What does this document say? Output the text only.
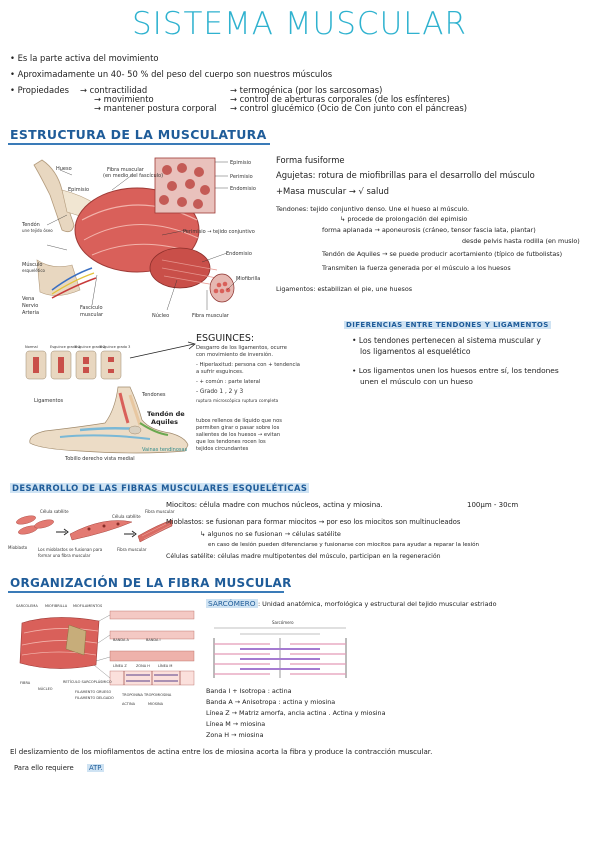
SISTEMA MUSCULAR
• Es la parte activa del movimiento
• Aproximadamente un 40- 50 % del peso del cuerpo son nuestros músculos
• Propiedades → contractilidad
→ movimiento
→ mantener postura corporal
→ termogénica (por los sarcosomas)
→ control de aberturas corporales (de los esfínteres)
→ control glucémico (Ocio de Con junto con el páncreas)
ESTRUCTURA DE LA MUSCULATURA
Hueso	Fibra muscular
(en medio del fascículo)
Epimisio
Epimisio
Perimisio
Endomisio
Tendón
une tejido óseo
Músculo
esquelético
Perimisio → tejido conjuntivo
Endomisio
Miofibrilla
Vena
Nervio
Arteria
Fascículo
muscular	Núcleo	Fibra muscular
Forma fusiforme
Agujetas: rotura de miofibrillas para el desarrollo del músculo
+Masa muscular → √ salud
Tendones: tejido conjuntivo denso. Une el hueso al músculo.
↳ procede de prolongación del epimisio
forma aplanada → aponeurosis (cráneo, tensor fascia lata, plantar)
desde pelvis hasta rodilla (en muslo)
Tendón de Aquiles → se puede producir acortamiento (típico de futbolistas)
Transmiten la fuerza generada por el músculo a los huesos
Ligamentos: estabilizan el pie, une huesos
Normal	Esguince grado 1
Esguince grado 2
Esguince grado 3
Ligamentos
Tendones
Tendón de
Aquiles
Vainas tendinosas
Tobillo derecho vista medial
ESGUINCES:
Desgarro de los ligamentos, ocurre
con movimiento de inversión.
- Hiperlaxitud: persona con + tendencia
a sufrir esguinces.
- + común : parte lateral
- Grado 1 , 2 y 3
ruptura microscópica ruptura completa
tubos rellenos de líquido que nos
permiten girar o pasar sobre los
salientes de los huesos → evitan
que los tendones rocen los
tejidos circundantes
DIFERENCIAS ENTRE TENDONES Y LIGAMENTOS
• Los tendones pertenecen al sistema muscular y
los ligamentos al esquelético
• Los ligamentos unen los huesos entre sí, los tendones
unen el músculo con un hueso
DESARROLLO DE LAS FIBRAS MUSCULARES ESQUELÉTICAS
Célula satélite
Célula satélite
Fibra muscular
Mioblasto	Los mioblastos se fusionan para
formar una fibra muscular
Fibra muscular
Miocitos: célula madre con muchos núcleos, actina y miosina.	100μm - 30cm
Mioblastos: se fusionan para formar miocitos → por eso los miocitos son multinucleados
↳ algunos no se fusionan → células satélite
en caso de lesión pueden diferenciarse y fusionarse con miocitos para ayudar a reparar la lesión
Células satélite: células madre multipotentes del músculo, participan en la regeneración
ORGANIZACIÓN DE LA FIBRA MUSCULAR
SARCOLEMA MIOFIBRILLA MIOFILAMENTOS
FIBRA
NÚCLEO
RETÍCULO SARCOPLÁSMICO
BANDA A	BANDA I
LÍNEA Z	ZONA H LÍNEA M
FILAMENTO GRUESO
FILAMENTO DELGADO
TROPONINA TROPOMIOSINA
ACTINA	MIOSINA
SARCÓMERO : Unidad anatómica, morfológica y estructural del tejido muscular estriado
Sarcómero
Banda I + Isotropa : actina
Banda A → Anisotropa : actina y miosina
Línea Z → Matriz amorfa, ancla actina . Actina y miosina
Línea M → miosina
Zona H → miosina
El deslizamiento de los miofilamentos de actina entre los de miosina acorta la fibra y produce la contracción muscular.
Para ello requiere ATP.
